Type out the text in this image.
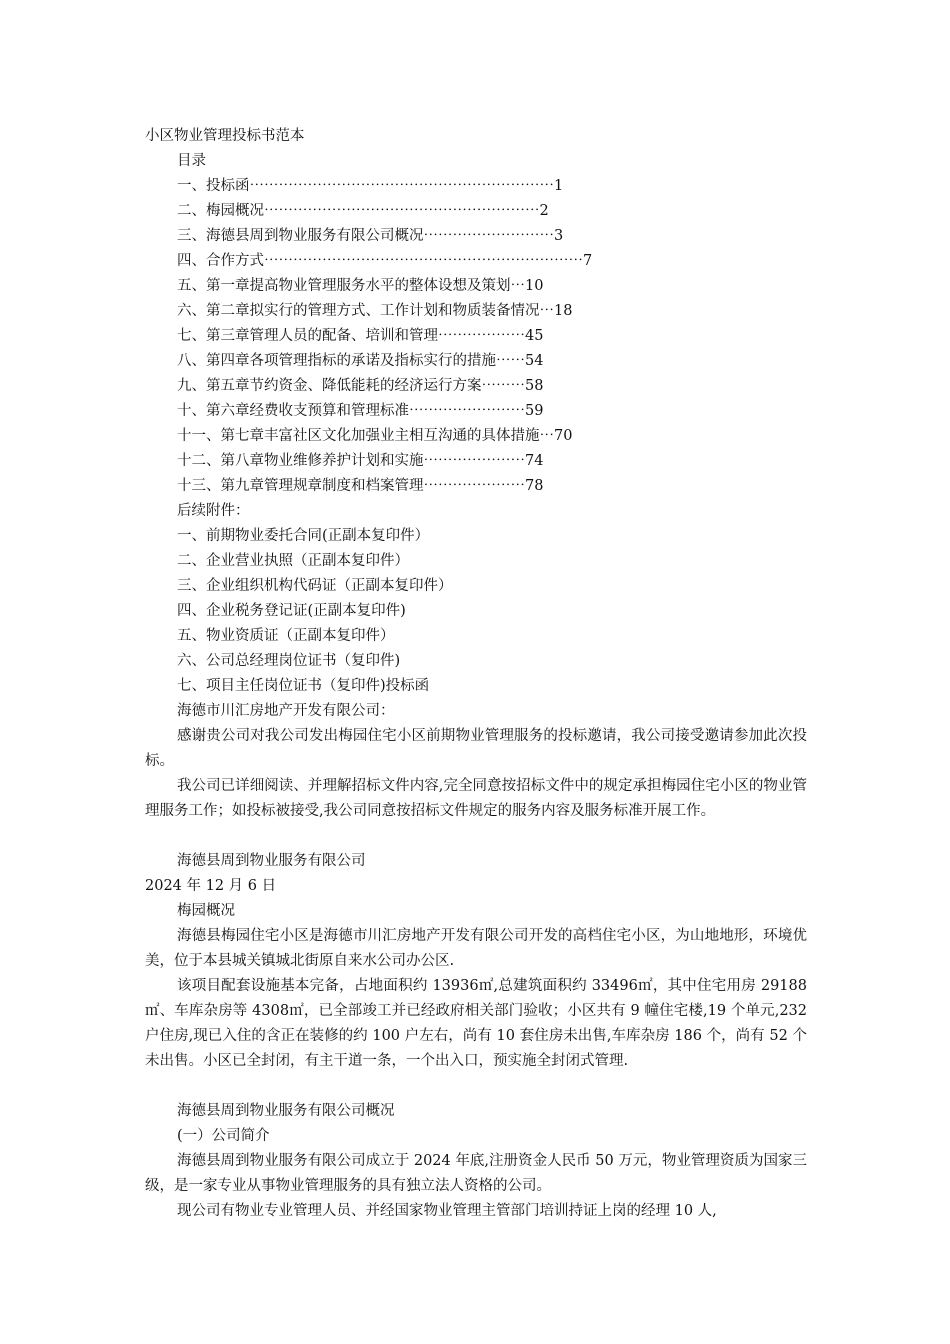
小区物业管理投标书范本
目录
一、投标函⋯⋯⋯⋯⋯⋯⋯⋯⋯⋯⋯⋯⋯⋯⋯⋯⋯⋯⋯⋯⋯1
二、梅园概况⋯⋯⋯⋯⋯⋯⋯⋯⋯⋯⋯⋯⋯⋯⋯⋯⋯⋯⋯2
三、海德县周到物业服务有限公司概况⋯⋯⋯⋯⋯⋯⋯⋯⋯3
四、合作方式⋯⋯⋯⋯⋯⋯⋯⋯⋯⋯⋯⋯⋯⋯⋯⋯⋯⋯⋯⋯⋯⋯7
五、第一章提高物业管理服务水平的整体设想及策划⋯10
六、第二章拟实行的管理方式、工作计划和物质装备情况⋯18
七、第三章管理人员的配备、培训和管理⋯⋯⋯⋯⋯⋯45
八、第四章各项管理指标的承诺及指标实行的措施⋯⋯54
九、第五章节约资金、降低能耗的经济运行方案⋯⋯⋯58
十、第六章经费收支预算和管理标准⋯⋯⋯⋯⋯⋯⋯⋯59
十一、第七章丰富社区文化加强业主相互沟通的具体措施⋯70
十二、第八章物业维修养护计划和实施⋯⋯⋯⋯⋯⋯⋯74
十三、第九章管理规章制度和档案管理⋯⋯⋯⋯⋯⋯⋯78
后续附件：
一、前期物业委托合同(正副本复印件）
二、企业营业执照（正副本复印件）
三、企业组织机构代码证（正副本复印件）
四、企业税务登记证(正副本复印件)
五、物业资质证（正副本复印件）
六、公司总经理岗位证书（复印件)
七、项目主任岗位证书（复印件)投标函
海德市川汇房地产开发有限公司：
感谢贵公司对我公司发出梅园住宅小区前期物业管理服务的投标邀请，我公司接受邀请参加此次投标。
我公司已详细阅读、并理解招标文件内容,完全同意按招标文件中的规定承担梅园住宅小区的物业管理服务工作；如投标被接受,我公司同意按招标文件规定的服务内容及服务标准开展工作。
海德县周到物业服务有限公司
2024 年 12 月 6 日
梅园概况
海德县梅园住宅小区是海德市川汇房地产开发有限公司开发的高档住宅小区，为山地地形，环境优美，位于本县城关镇城北街原自来水公司办公区.
该项目配套设施基本完备，占地面积约 13936㎡,总建筑面积约 33496㎡，其中住宅用房 29188㎡、车库杂房等 4308㎡，已全部竣工并已经政府相关部门验收；小区共有 9 幢住宅楼,19 个单元,232 户住房,现已入住的含正在装修的约 100 户左右，尚有 10 套住房未出售,车库杂房 186 个，尚有 52 个未出售。小区已全封闭，有主干道一条，一个出入口，预实施全封闭式管理.
海德县周到物业服务有限公司概况
(一）公司简介
海德县周到物业服务有限公司成立于 2024 年底,注册资金人民币 50 万元，物业管理资质为国家三级，是一家专业从事物业管理服务的具有独立法人资格的公司。
现公司有物业专业管理人员、并经国家物业管理主管部门培训持证上岗的经理 10 人,
